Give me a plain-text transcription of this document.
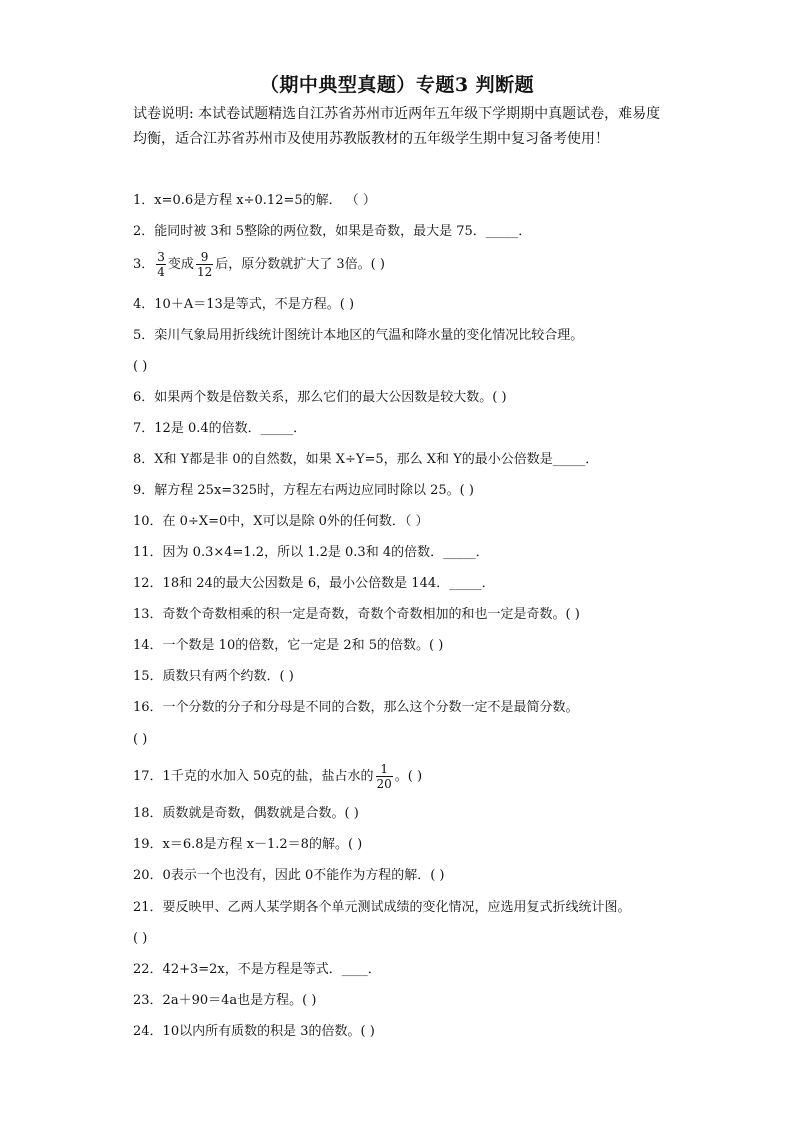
（期中典型真题）专题3 判断题
试卷说明: 本试卷试题精选自江苏省苏州市近两年五年级下学期期中真题试卷，难易度均衡，适合江苏省苏州市及使用苏教版教材的五年级学生期中复习备考使用！
1．x=0.6是方程 x÷0.12=5的解． （ ）
2．能同时被 3和 5整除的两位数，如果是奇数，最大是 75．_____．
3． $\frac{3}{4}$ 变成 $\frac{9}{12}$ 后，原分数就扩大了 3倍。( )
4．10＋A＝13是等式，不是方程。( )
5．栾川气象局用折线统计图统计本地区的气温和降水量的变化情况比较合理。
( )
6．如果两个数是倍数关系，那么它们的最大公因数是较大数。( )
7．12是 0.4的倍数．_____．
8．X和 Y都是非 0的自然数，如果 X÷Y=5，那么 X和 Y的最小公倍数是_____．
9．解方程 25x=325时，方程左右两边应同时除以 25。( )
10．在 0÷X=0中，X可以是除 0外的任何数．（ ）
11．因为 0.3×4=1.2，所以 1.2是 0.3和 4的倍数．_____．
12．18和 24的最大公因数是 6，最小公倍数是 144．_____．
13．奇数个奇数相乘的积一定是奇数，奇数个奇数相加的和也一定是奇数。( )
14．一个数是 10的倍数，它一定是 2和 5的倍数。( )
15．质数只有两个约数．( )
16．一个分数的分子和分母是不同的合数，那么这个分数一定不是最简分数。
( )
17．1千克的水加入 50克的盐，盐占水的 $\frac{1}{20}$ 。( )
18．质数就是奇数，偶数就是合数。( )
19．x＝6.8是方程 x－1.2＝8的解。( )
20．0表示一个也没有，因此 0不能作为方程的解．( )
21．要反映甲、乙两人某学期各个单元测试成绩的变化情况，应选用复式折线统计图。
( )
22．42+3=2x，不是方程是等式．____．
23．2a＋90＝4a也是方程。( )
24．10以内所有质数的积是 3的倍数。( )
